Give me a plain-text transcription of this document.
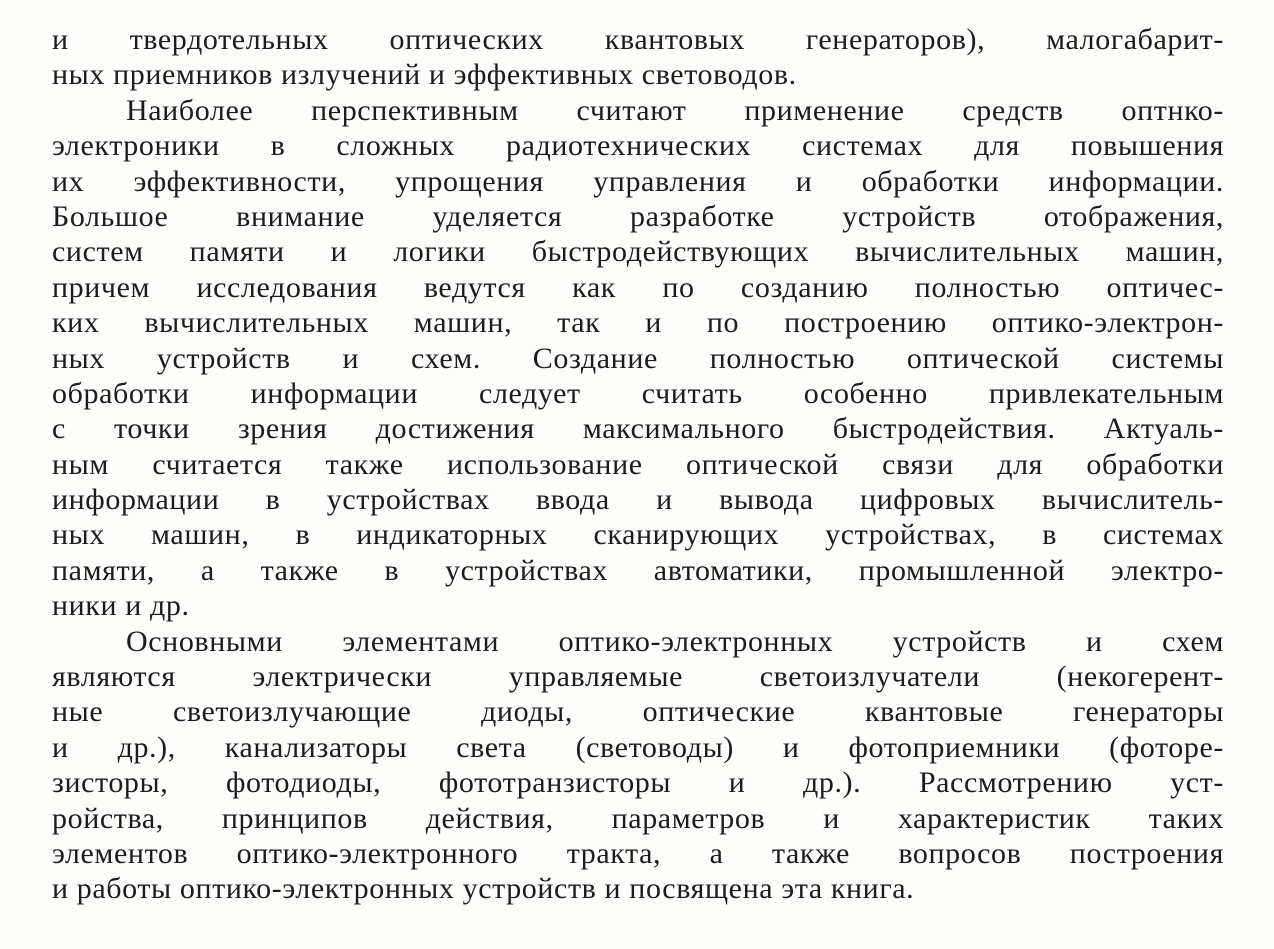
и твердотельных оптических квантовых генераторов), малогабарит-
ных приемников излучений и эффективных световодов.
Наиболее перспективным считают применение средств оптнко-
электроники в сложных радиотехнических системах для повышения
их эффективности, упрощения управления и обработки информации.
Большое внимание уделяется разработке устройств отображения,
систем памяти и логики быстродействующих вычислительных машин,
причем исследования ведутся как по созданию полностью оптичес-
ких вычислительных машин, так и по построению оптико-электрон-
ных устройств и схем. Создание полностью оптической системы
обработки информации следует считать особенно привлекательным
с точки зрения достижения максимального быстродействия. Актуаль-
ным считается также использование оптической связи для обработки
информации в устройствах ввода и вывода цифровых вычислитель-
ных машин, в индикаторных сканирующих устройствах, в системах
памяти, а также в устройствах автоматики, промышленной электро-
ники и др.
Основными элементами оптико-электронных устройств и схем
являются электрически управляемые светоизлучатели (некогерент-
ные светоизлучающие диоды, оптические квантовые генераторы
и др.), канализаторы света (световоды) и фотоприемники (фоторе-
зисторы, фотодиоды, фототранзисторы и др.). Рассмотрению уст-
ройства, принципов действия, параметров и характеристик таких
элементов оптико-электронного тракта, а также вопросов построения
и работы оптико-электронных устройств и посвящена эта книга.
